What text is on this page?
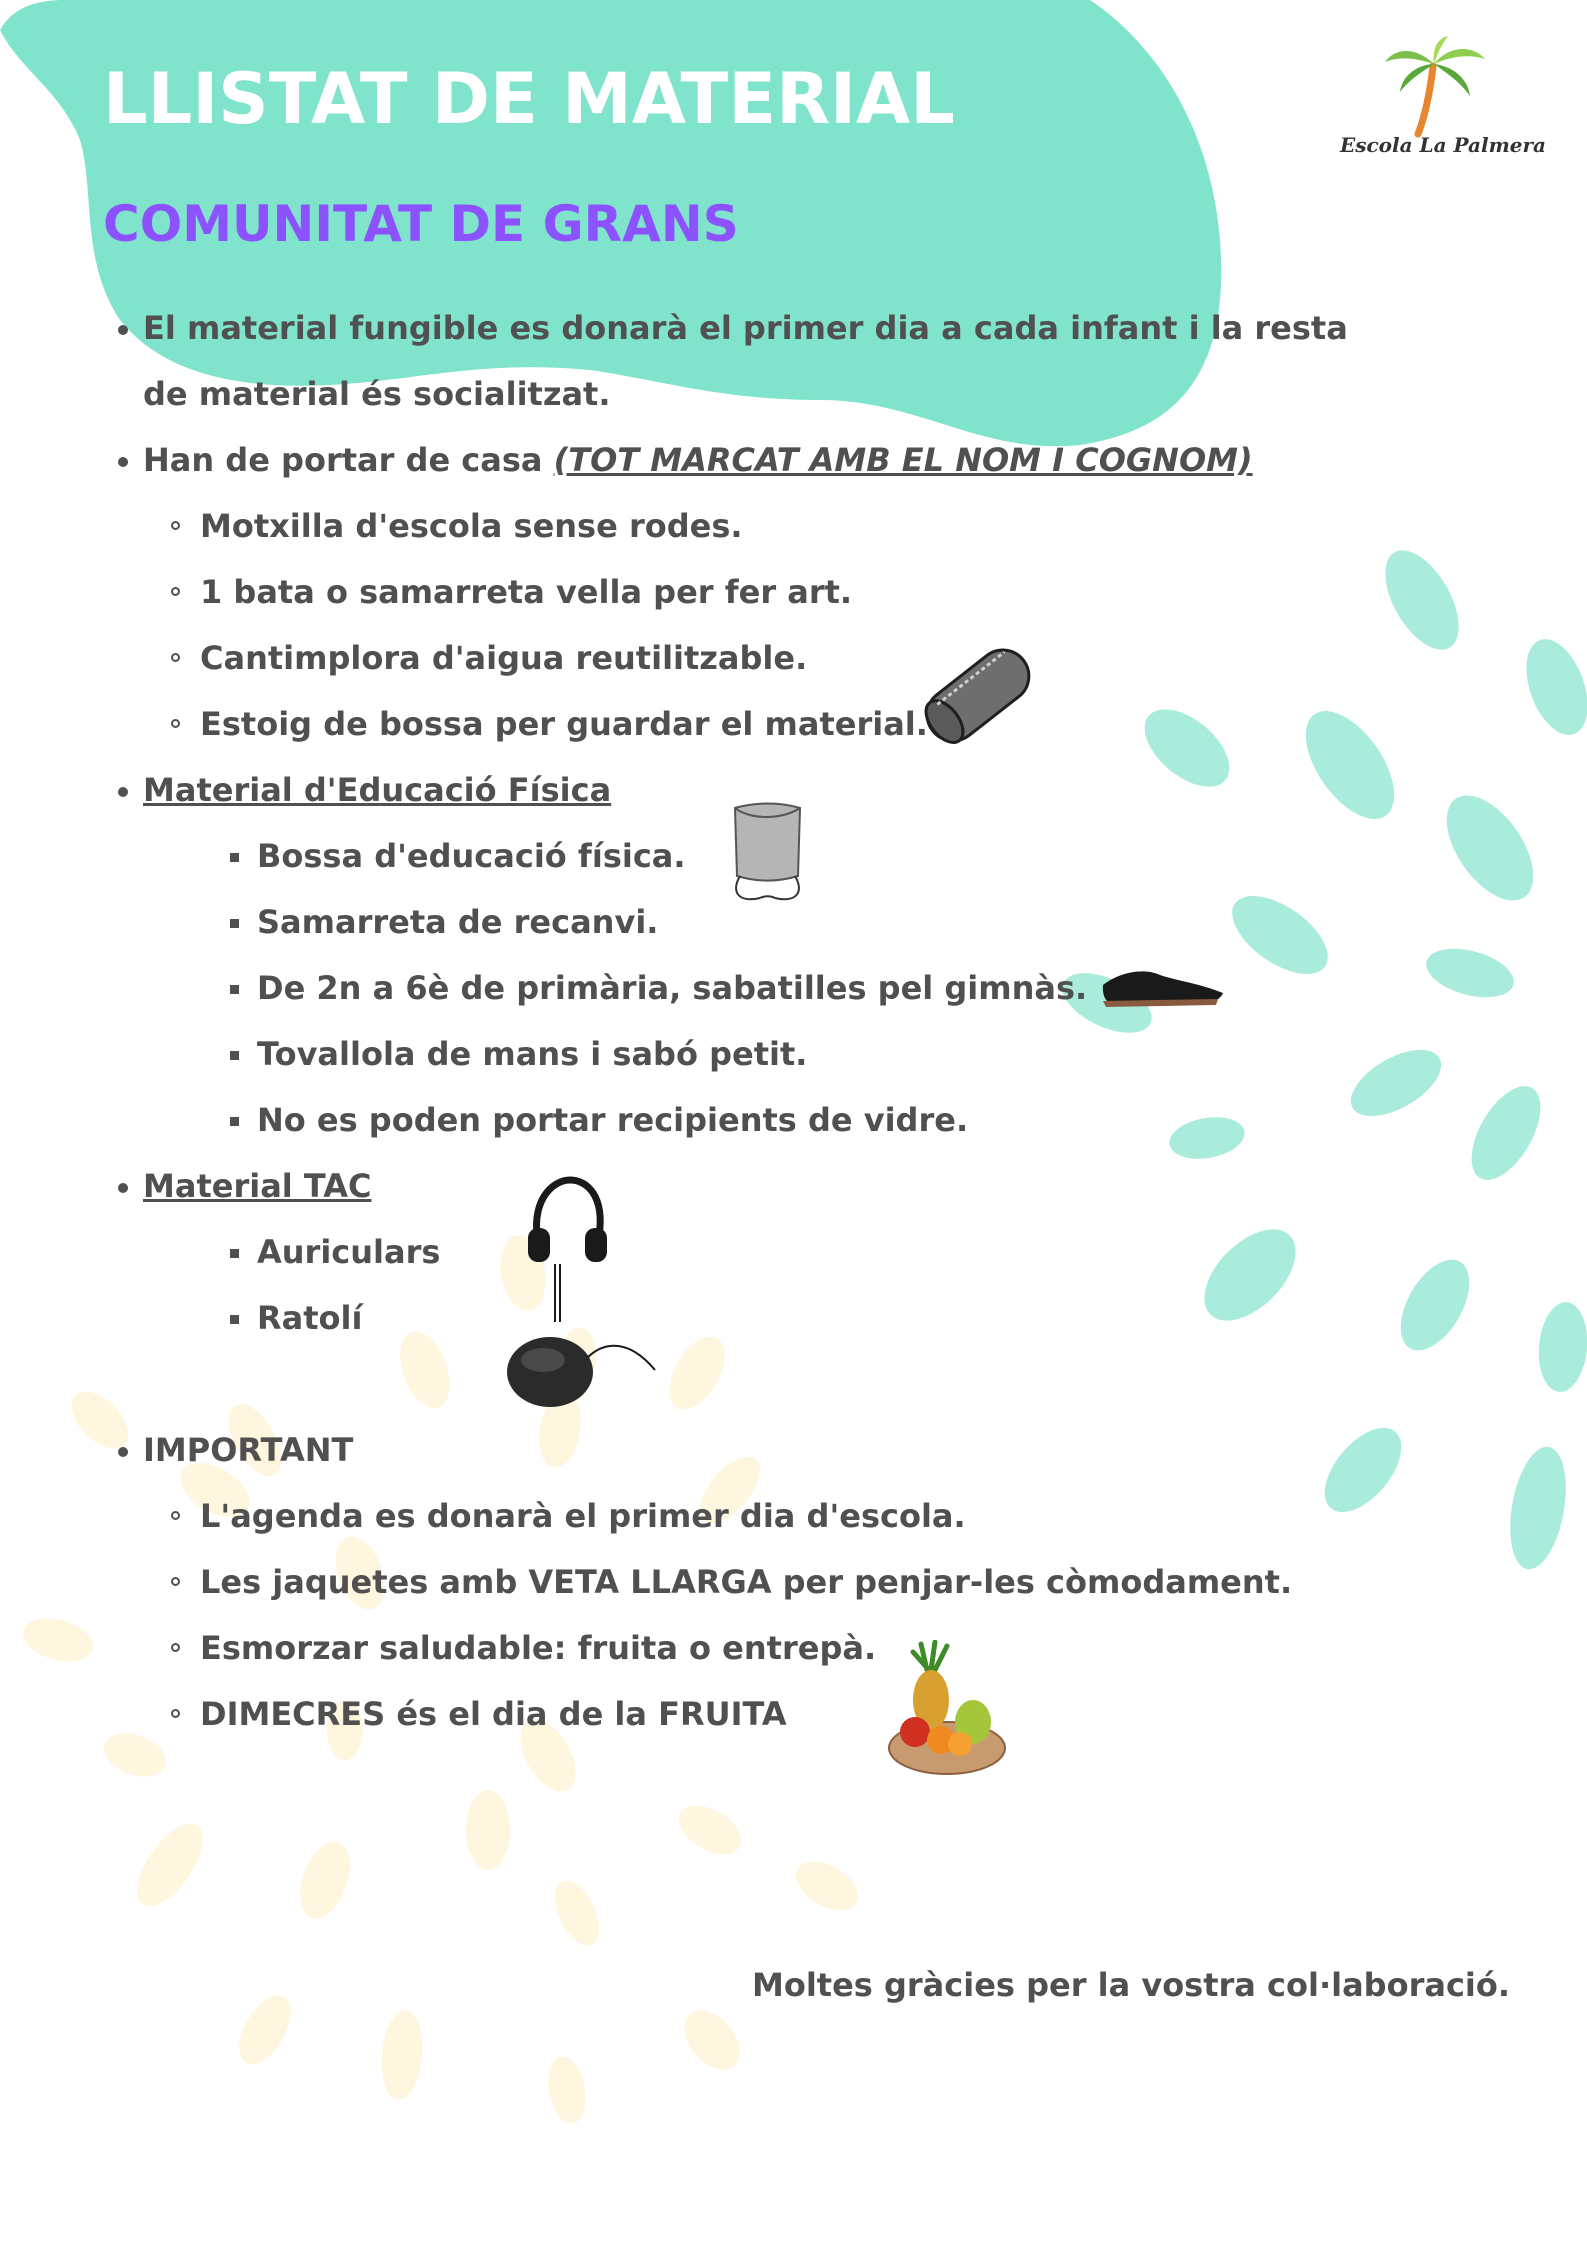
LLISTAT DE MATERIAL
COMUNITAT DE GRANS
Escola La Palmera
El material fungible es donarà el primer dia a cada infant i la resta
de material és socialitzat.
Han de portar de casa (TOT MARCAT AMB EL NOM I COGNOM)
Motxilla d'escola sense rodes.
1 bata o samarreta vella per fer art.
Cantimplora d'aigua reutilitzable.
Estoig de bossa per guardar el material.
Material d'Educació Física
Bossa d'educació física.
Samarreta de recanvi.
De 2n a 6è de primària, sabatilles pel gimnàs.
Tovallola de mans i sabó petit.
No es poden portar recipients de vidre.
Material TAC
Auriculars
Ratolí
IMPORTANT
L'agenda es donarà el primer dia d'escola.
Les jaquetes amb VETA LLARGA per penjar-les còmodament.
Esmorzar saludable: fruita o entrepà.
DIMECRES és el dia de la FRUITA
Moltes gràcies per la vostra col·laboració.
